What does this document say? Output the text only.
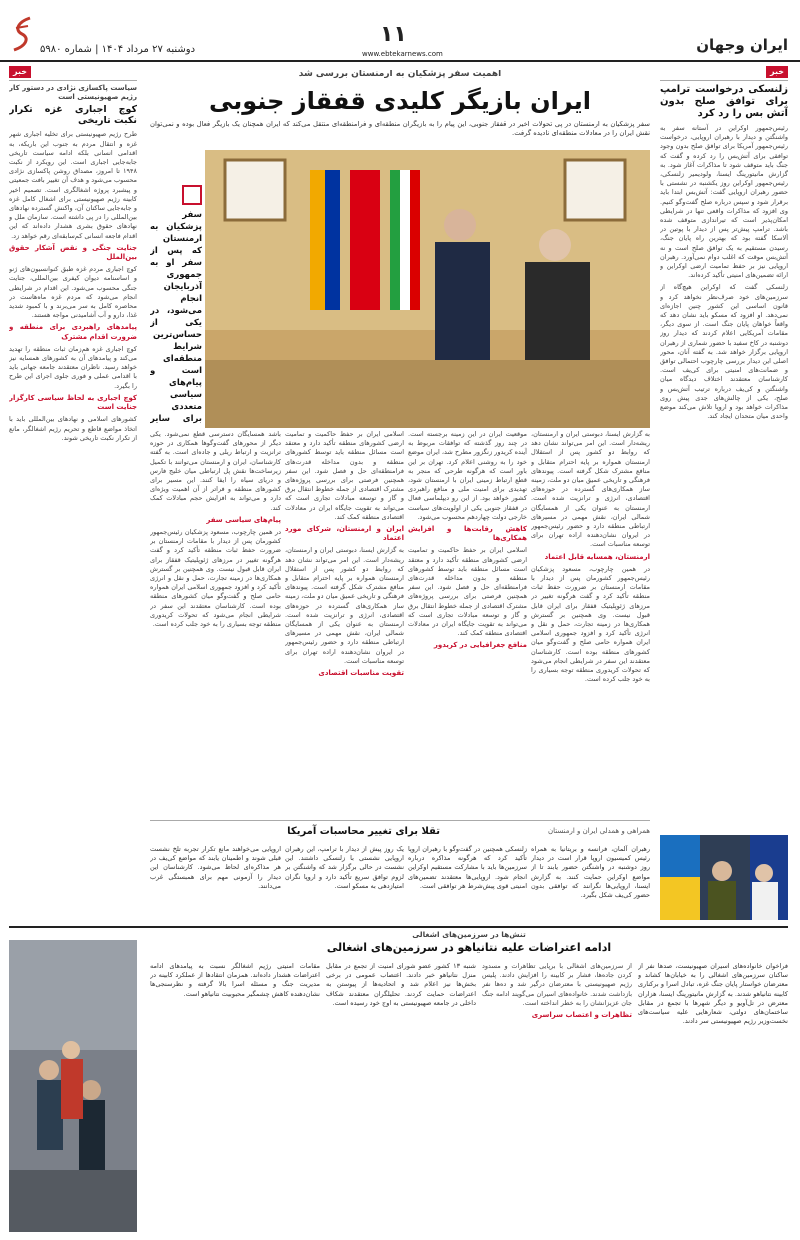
ایران وجهان
۱۱
www.ebtekarnews.com
دوشنبه ۲۷ مرداد ۱۴۰۴ | شماره ۵۹۸۰
خبر
زلنسکی درخواست ترامپ برای توافق صلح بدون آتش بس را رد کرد
رئیس‌جمهور اوکراین در آستانه سفر به واشنگتن و دیدار با رهبران اروپایی، درخواست رئیس‌جمهور آمریکا برای توافق صلح بدون وجود توافقی برای آتش‌بس را رد کرده و گفت که جنگ باید متوقف شود تا مذاکرات آغاز شود. به گزارش مانیتورینگ ایسنا، ولودیمیر زلنسکی، رئیس‌جمهور اوکراین روز یکشنبه در نشستی با حضور رهبران اروپایی گفت: آتش‌بس ابتدا باید برقرار شود و سپس درباره صلح گفت‌وگو کنیم. وی افزود که مذاکرات واقعی تنها در شرایطی امکان‌پذیر است که تیراندازی متوقف شده باشد. ترامپ پیش‌تر پس از دیدار با پوتین در آلاسکا گفته بود که بهترین راه پایان جنگ، رسیدن مستقیم به یک توافق صلح است و نه آتش‌بس موقت که اغلب دوام نمی‌آورد. رهبران اروپایی نیز بر حفظ تمامیت ارضی اوکراین و ارائه تضمین‌های امنیتی تأکید کرده‌اند.
زلنسکی گفت که اوکراین هیچ‌گاه از سرزمین‌های خود صرف‌نظر نخواهد کرد و قانون اساسی این کشور چنین اجازه‌ای نمی‌دهد. او افزود که مسکو باید نشان دهد که واقعاً خواهان پایان جنگ است. از سوی دیگر، مقامات آمریکایی اعلام کردند که دیدار روز دوشنبه در کاخ سفید با حضور شماری از رهبران اروپایی برگزار خواهد شد. به گفته آنان، محور اصلی این دیدار بررسی چارچوب احتمالی توافق و ضمانت‌های امنیتی برای کی‌یف است. کارشناسان معتقدند اختلاف دیدگاه میان واشنگتن و کی‌یف درباره ترتیب آتش‌بس و صلح، یکی از چالش‌های جدی پیش روی مذاکرات خواهد بود و اروپا تلاش می‌کند موضع واحدی میان متحدان ایجاد کند.
خبر
سیاست پاکسازی نژادی در دستور کار رژیم صهیونیستی است
کوچ اجباری غزه تکرار نکبت تاریخی
طرح رژیم صهیونیستی برای تخلیه اجباری شهر غزه و انتقال مردم به جنوب این باریکه، به اقدامی انسانی بلکه ادامه سیاست تاریخی جابه‌جایی اجباری است. این رویکرد از نکبت ۱۹۴۸ تا امروز، مصداق روشن پاکسازی نژادی محسوب می‌شود و هدف آن تغییر بافت جمعیتی و پیشبرد پروژه اشغالگری است. تصمیم اخیر کابینه رژیم صهیونیستی برای اشغال کامل غزه و جابه‌جایی ساکنان آن، واکنش گسترده نهادهای بین‌المللی را در پی داشته است. سازمان ملل و نهادهای حقوق بشری هشدار داده‌اند که این اقدام فاجعه انسانی کم‌سابقه‌ای رقم خواهد زد.
جنایت جنگی و نقض آشکار حقوق بین‌الملل
کوچ اجباری مردم غزه طبق کنوانسیون‌های ژنو و اساسنامه دیوان کیفری بین‌المللی، جنایت جنگی محسوب می‌شود. این اقدام در شرایطی انجام می‌شود که مردم غزه ماه‌هاست در محاصره کامل به سر می‌برند و با کمبود شدید غذا، دارو و آب آشامیدنی مواجه هستند.
پیامدهای راهبردی برای منطقه و ضرورت اقدام مشترک
کوچ اجباری غزه هم‌زمان ثبات منطقه را تهدید می‌کند و پیامدهای آن به کشورهای همسایه نیز خواهد رسید. ناظران معتقدند جامعه جهانی باید با اقدامی عملی و فوری جلوی اجرای این طرح را بگیرد.
کوچ اجباری به لحاظ سیاسی کارگزار جنایت است
کشورهای اسلامی و نهادهای بین‌المللی باید با اتخاذ مواضع قاطع و تحریم رژیم اشغالگر، مانع از تکرار نکبت تاریخی شوند.
اهمیت سفر پزشکیان به ارمنستان بررسی شد
ایران بازیگر کلیدی قفقاز جنوبی
سفر پزشکیان به ارمنستان در پی تحولات اخیر در قفقاز جنوبی، این پیام را به بازیگران منطقه‌ای و فرامنطقه‌ای منتقل می‌کند که ایران همچنان یک بازیگر فعال بوده و نمی‌توان نقش ایران را در معادلات منطقه‌ای نادیده گرفت.
سفر پزشکیان به ارمنستان که پس از سفر او به جمهوری آذربایجان انجام می‌شود، در یکی از حساس‌ترین شرایط منطقه‌ای است و پیام‌های سیاسی متعددی برای سایر
به گزارش ایسنا، دبوستی ایران و ارمنستان، ریشه‌دار است. این امر می‌تواند نشان دهد که روابط دو کشور پس از استقلال ارمنستان همواره بر پایه احترام متقابل و منافع مشترک شکل گرفته است. پیوندهای فرهنگی و تاریخی عمیق میان دو ملت، زمینه ساز همکاری‌های گسترده در حوزه‌های اقتصادی، انرژی و ترانزیت شده است. ارمنستان به عنوان یکی از همسایگان شمالی ایران، نقش مهمی در مسیرهای ارتباطی منطقه دارد و حضور رئیس‌جمهور در ایروان نشان‌دهنده اراده تهران برای توسعه مناسبات است.
ارمنستان، همسایه قابل اعتماد
در همین چارچوب، مسعود پزشکیان رئیس‌جمهور کشورمان پس از دیدار با مقامات ارمنستان بر ضرورت حفظ ثبات منطقه تأکید کرد و گفت هرگونه تغییر در مرزهای ژئوپلیتیک قفقاز برای ایران قابل قبول نیست. وی همچنین بر گسترش همکاری‌ها در زمینه تجارت، حمل و نقل و انرژی تأکید کرد و افزود جمهوری اسلامی ایران همواره حامی صلح و گفت‌وگو میان کشورهای منطقه بوده است. کارشناسان معتقدند این سفر در شرایطی انجام می‌شود که تحولات کریدوری منطقه توجه بسیاری را به خود جلب کرده است.
موقعیت ایران در این زمینه برجسته است. در چند روز گذشته که توافقات مربوط به آینده کریدور زنگزور مطرح شد، ایران موضع خود را به روشنی اعلام کرد. تهران بر این باور است که هرگونه طرحی که منجر به قطع ارتباط زمینی ایران با ارمنستان شود، تهدیدی برای امنیت ملی و منافع راهبردی کشور خواهد بود. از این رو دیپلماسی فعال در قفقاز جنوبی یکی از اولویت‌های سیاست خارجی دولت چهاردهم محسوب می‌شود.
کاهش رقابت‌ها و افزایش همکاری‌ها
اسلامی ایران بر حفظ حاکمیت و تمامیت ارضی کشورهای منطقه تأکید دارد و معتقد است مسائل منطقه باید توسط کشورهای منطقه و بدون مداخله قدرت‌های فرامنطقه‌ای حل و فصل شود. این سفر همچنین فرصتی برای بررسی پروژه‌های مشترک اقتصادی از جمله خطوط انتقال برق و گاز و توسعه مبادلات تجاری است که می‌تواند به تقویت جایگاه ایران در معادلات اقتصادی منطقه کمک کند.
منافع جغرافیایی در کریدور
اسلامی ایران بر حفظ حاکمیت و تمامیت ارضی کشورهای منطقه تأکید دارد و معتقد است مسائل منطقه باید توسط کشورهای منطقه و بدون مداخله قدرت‌های فرامنطقه‌ای حل و فصل شود. این سفر همچنین فرصتی برای بررسی پروژه‌های مشترک اقتصادی از جمله خطوط انتقال برق و گاز و توسعه مبادلات تجاری است که می‌تواند به تقویت جایگاه ایران در معادلات اقتصادی منطقه کمک کند.
ایران و ارمنستان، شرکای مورد اعتماد
به گزارش ایسنا، دبوستی ایران و ارمنستان، ریشه‌دار است. این امر می‌تواند نشان دهد که روابط دو کشور پس از استقلال ارمنستان همواره بر پایه احترام متقابل و منافع مشترک شکل گرفته است. پیوندهای فرهنگی و تاریخی عمیق میان دو ملت، زمینه ساز همکاری‌های گسترده در حوزه‌های اقتصادی، انرژی و ترانزیت شده است. ارمنستان به عنوان یکی از همسایگان شمالی ایران، نقش مهمی در مسیرهای ارتباطی منطقه دارد و حضور رئیس‌جمهور در ایروان نشان‌دهنده اراده تهران برای توسعه مناسبات است.
تقویت مناسبات اقتصادی
باشد همسایگان دسترسی قطع نمی‌شود. یکی دیگر از محورهای گفت‌وگوها همکاری در حوزه ترانزیت و ارتباط ریلی و جاده‌ای است. به گفته کارشناسان، ایران و ارمنستان می‌توانند با تکمیل زیرساخت‌ها نقش پل ارتباطی میان خلیج فارس و دریای سیاه را ایفا کنند. این مسیر برای کشورهای منطقه و فراتر از آن اهمیت ویژه‌ای دارد و می‌تواند به افزایش حجم مبادلات کمک کند.
پیام‌های سیاسی سفر
در همین چارچوب، مسعود پزشکیان رئیس‌جمهور کشورمان پس از دیدار با مقامات ارمنستان بر ضرورت حفظ ثبات منطقه تأکید کرد و گفت هرگونه تغییر در مرزهای ژئوپلیتیک قفقاز برای ایران قابل قبول نیست. وی همچنین بر گسترش همکاری‌ها در زمینه تجارت، حمل و نقل و انرژی تأکید کرد و افزود جمهوری اسلامی ایران همواره حامی صلح و گفت‌وگو میان کشورهای منطقه بوده است. کارشناسان معتقدند این سفر در شرایطی انجام می‌شود که تحولات کریدوری منطقه توجه بسیاری را به خود جلب کرده است.
تقلا برای تغییر محاسبات آمریکا	همراهی و همدلی ایران و ارمنستان
رهبران آلمان، فرانسه و بریتانیا به همراه رئیس کمیسیون اروپا قرار است در دیدار روز دوشنبه در واشنگتن حضور یابند تا از مواضع اوکراین حمایت کنند. به گزارش ایسنا، اروپایی‌ها نگرانند که توافقی بدون حضور کی‌یف شکل بگیرد.
زلنسکی همچنین در گفت‌وگو با رهبران اروپا تأکید کرد که هرگونه مذاکره درباره سرزمین‌ها باید با مشارکت مستقیم اوکراین انجام شود. اروپایی‌ها معتقدند تضمین‌های امنیتی قوی پیش‌شرط هر توافقی است.
یک روز پیش از دیدار با ترامپ، این رهبران اروپایی نشستی با زلنسکی داشتند. این نشست در حالی برگزار شد که واشنگتن بر لزوم توافق سریع تأکید دارد و اروپا نگران امتیازدهی به مسکو است.
اروپایی می‌خواهند مانع تکرار تجربه تلخ نشست قبلی شوند و اطمینان یابند که مواضع کی‌یف در هر مذاکره‌ای لحاظ می‌شود. کارشناسان این دیدار را آزمونی مهم برای همبستگی غرب می‌دانند.
تنش‌ها در سرزمین‌های اشغالی
ادامه اعتراضات علیه نتانیاهو در سرزمین‌های اشغالی
فراخوان خانواده‌های اسیران صهیونیست، صدها نفر از ساکنان سرزمین‌های اشغالی را به خیابان‌ها کشاند و معترضان خواستار پایان جنگ غزه، تبادل اسرا و برکناری کابینه نتانیاهو شدند. به گزارش مانیتورینگ ایسنا، هزاران معترض در تل‌آویو و دیگر شهرها با تجمع در مقابل ساختمان‌های دولتی، شعارهایی علیه سیاست‌های نخست‌وزیر رژیم صهیونیستی سر دادند.
از سرزمین‌های اشغالی با برپایی تظاهرات و مسدود کردن جاده‌ها، فشار بر کابینه را افزایش دادند. پلیس رژیم صهیونیستی با معترضان درگیر شد و ده‌ها نفر بازداشت شدند. خانواده‌های اسیران می‌گویند ادامه جنگ جان عزیزانشان را به خطر انداخته است.
تظاهرات و اعتصاب سراسری
شنبه ۱۳ کشور عضو شورای امنیت از تجمع در مقابل منزل نتانیاهو خبر دادند. اعتصاب عمومی در برخی بخش‌ها نیز اعلام شد و اتحادیه‌ها از پیوستن به اعتراضات حمایت کردند. تحلیلگران معتقدند شکاف داخلی در جامعه صهیونیستی به اوج خود رسیده است.
مقامات امنیتی رژیم اشغالگر نسبت به پیامدهای ادامه اعتراضات هشدار داده‌اند. همزمان انتقادها از عملکرد کابینه در مدیریت جنگ و مسئله اسرا بالا گرفته و نظرسنجی‌ها نشان‌دهنده کاهش چشمگیر محبوبیت نتانیاهو است.
